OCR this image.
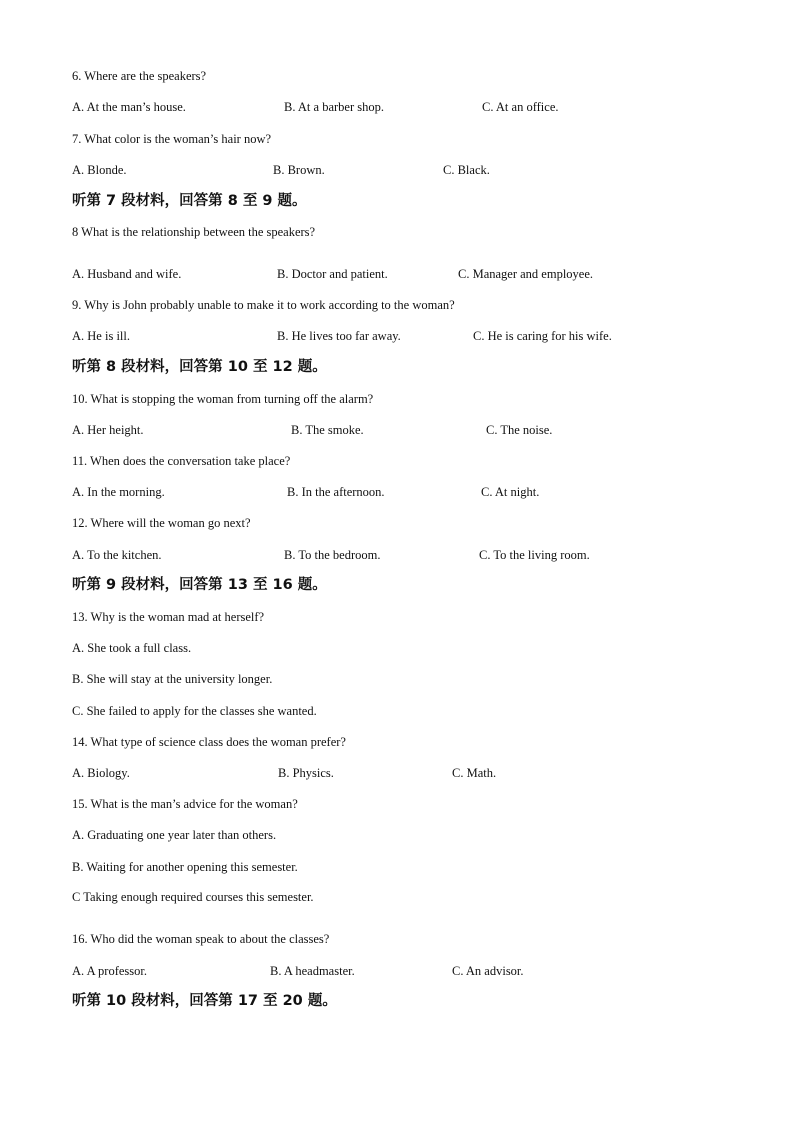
6. Where are the speakers?
A. At the man’s house.	B. At a barber shop.	C. At an office.
7. What color is the woman’s hair now?
A. Blonde.	B. Brown.	C. Black.
听第 7 段材料，回答第 8 至 9 题。
8 What is the relationship between the speakers?
A. Husband and wife.	B. Doctor and patient.	C. Manager and employee.
9. Why is John probably unable to make it to work according to the woman?
A. He is ill.	B. He lives too far away.	C. He is caring for his wife.
听第 8 段材料，回答第 10 至 12 题。
10. What is stopping the woman from turning off the alarm?
A. Her height.	B. The smoke.	C. The noise.
11. When does the conversation take place?
A. In the morning.	B. In the afternoon.	C. At night.
12. Where will the woman go next?
A. To the kitchen.	B. To the bedroom.	C. To the living room.
听第 9 段材料，回答第 13 至 16 题。
13. Why is the woman mad at herself?
A. She took a full class.
B. She will stay at the university longer.
C. She failed to apply for the classes she wanted.
14. What type of science class does the woman prefer?
A. Biology.	B. Physics.	C. Math.
15. What is the man’s advice for the woman?
A. Graduating one year later than others.
B. Waiting for another opening this semester.
C Taking enough required courses this semester.
16. Who did the woman speak to about the classes?
A. A professor.	B. A headmaster.	C. An advisor.
听第 10 段材料，回答第 17 至 20 题。
